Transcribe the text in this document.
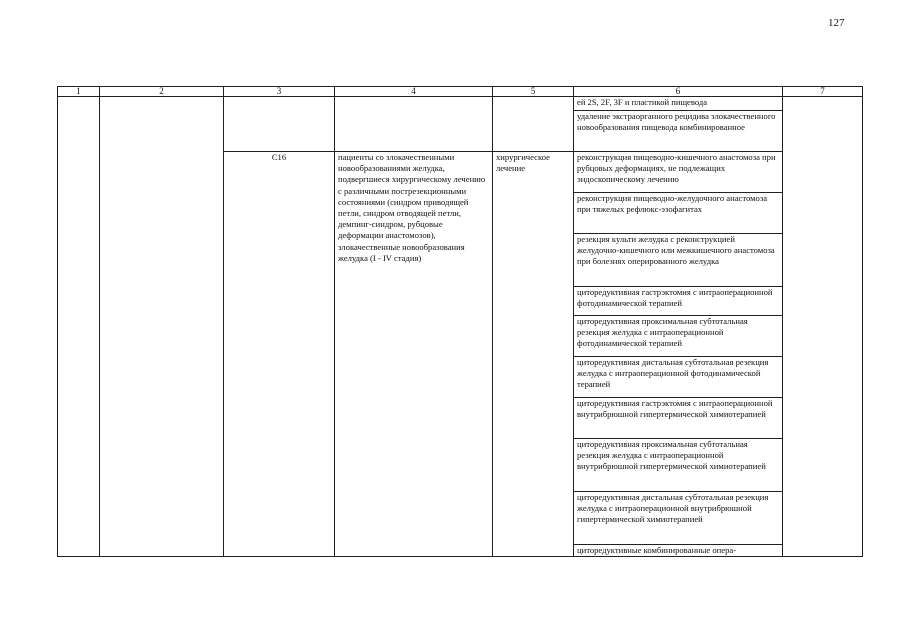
127
1	2	3	4	5	6	7
					ей 2S, 2F, 3F и пластикой пищевода	
					удаление экстраорганного рецидива злокачественного новообразования пищевода комбинированное	
		C16	пациенты со злокачественными новообразованиями желудка, подвергшиеся хирургическому лечению с различными пострезекционными состояниями (синдром приводящей петли, синдром отводящей петли, демпинг-синдром, рубцовые деформации анастомозов), злокачественные новообразования желудка (I - IV стадия)	хирургическое лечение	реконструкция пищеводно-кишечного анастомоза при рубцовых деформациях, не подлежащих эндоскопическому лечению	
					реконструкция пищеводно-желудочного анастомоза при тяжелых рефлюкс-эзофагитах	
					резекция культи желудка с реконструкцией желудочно-кишечного или межкишечного анастомоза при болезнях оперированного желудка	
					циторедуктивная гастрэктомия с интраоперационной фотодинамической терапией	
					циторедуктивная проксимальная субтотальная резекция желудка с интраоперационной фотодинамической терапией	
					циторедуктивная дистальная субтотальная резекция желудка с интраоперационной фотодинамической терапией	
					циторедуктивная гастрэктомия с интраоперационной внутрибрюшной гипертермической химиотерапией	
					циторедуктивная проксимальная субтотальная резекция желудка с интраоперационной внутрибрюшной гипертермической химиотерапией	
					циторедуктивная дистальная субтотальная резекция желудка с интраоперационной внутрибрюшной гипертермической химиотерапией	
					циторедуктивные комбинированные опера-	
